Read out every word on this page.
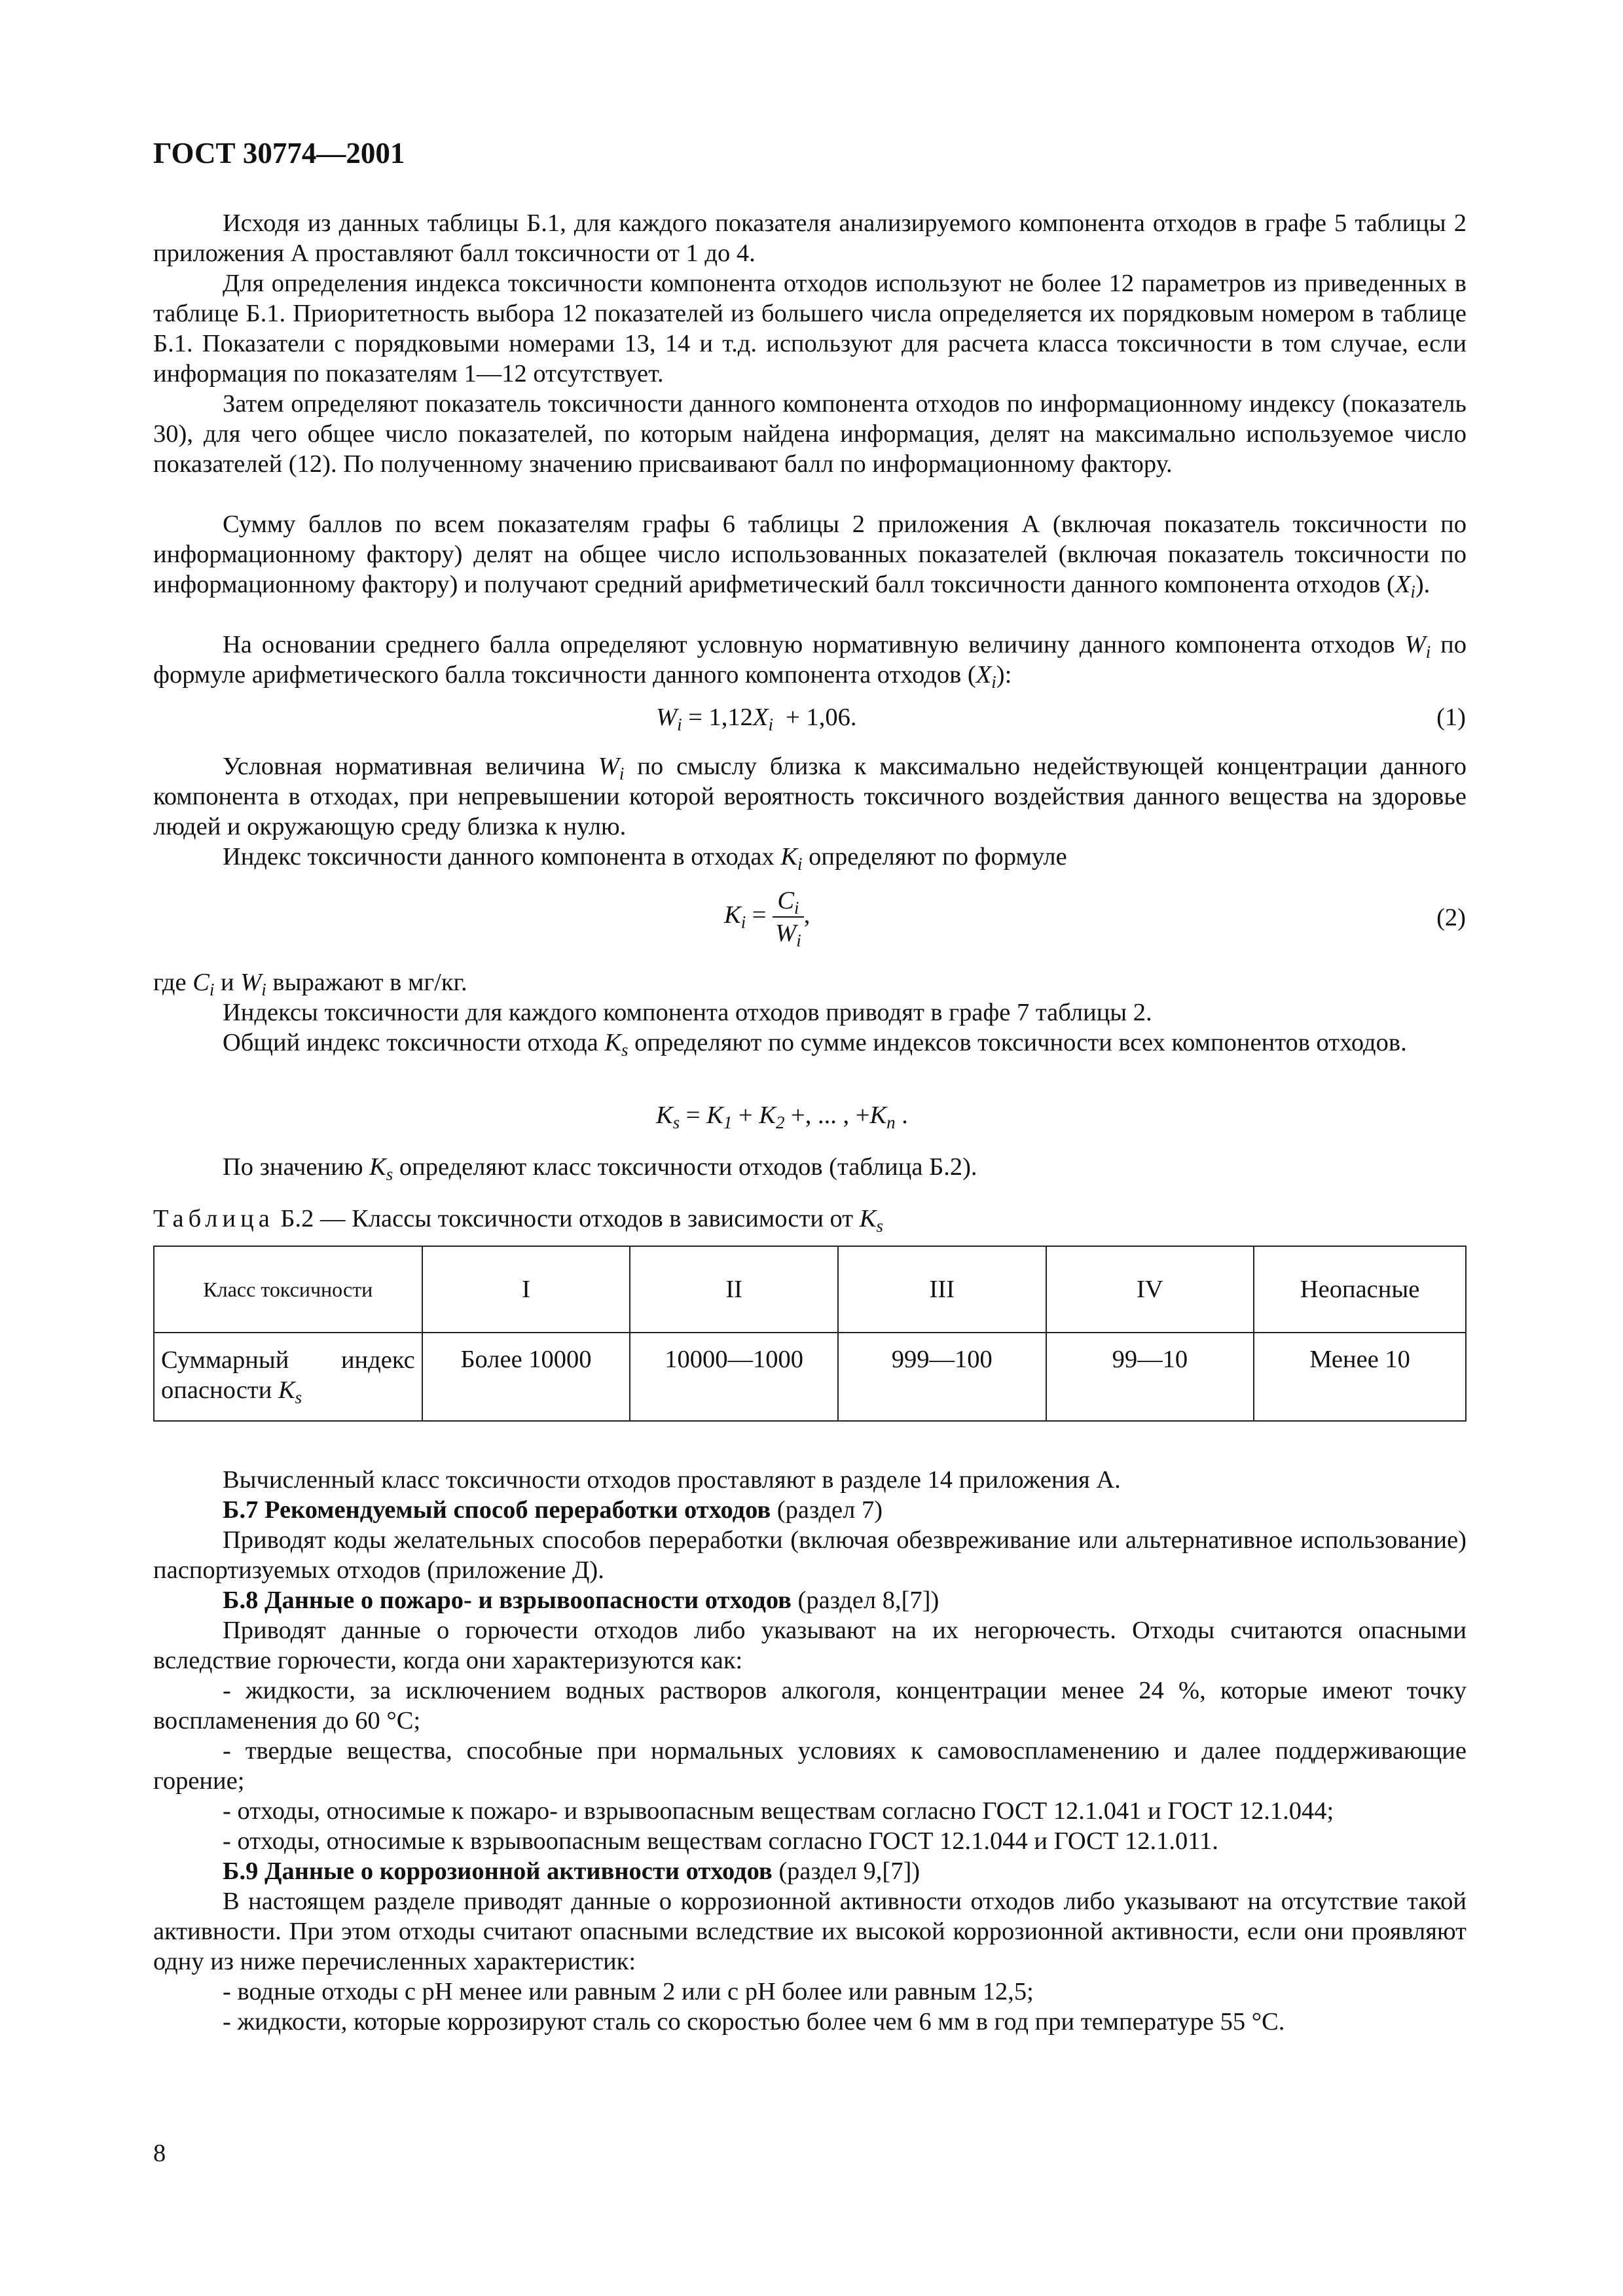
ГОСТ 30774—2001

Исходя из данных таблицы Б.1, для каждого показателя анализируемого компонента отходов в графе 5 таблицы 2 приложения А проставляют балл токсичности от 1 до 4.

Для определения индекса токсичности компонента отходов используют не более 12 параметров из приведенных в таблице Б.1. Приоритетность выбора 12 показателей из большего числа определяется их порядковым номером в таблице Б.1. Показатели с порядковыми номерами 13, 14 и т.д. используют для расчета класса токсичности в том случае, если информация по показателям 1—12 отсутствует.

Затем определяют показатель токсичности данного компонента отходов по информационному индексу (показатель 30), для чего общее число показателей, по которым найдена информация, делят на максимально используемое число показателей (12). По полученному значению присваивают балл по информационному фактору.

Сумму баллов по всем показателям графы 6 таблицы 2 приложения А (включая показатель токсичности по информационному фактору) делят на общее число использованных показателей (включая показатель токсичности по информационному фактору) и получают средний арифметический балл токсичности данного компонента отходов $(X_i)$.

На основании среднего балла определяют условную нормативную величину данного компонента отходов $W_i$ по формуле арифметического балла токсичности данного компонента отходов $(X_i)$:

$W_i = 1,12X_i + 1,06$.	(1)

Условная нормативная величина $W_i$ по смыслу близка к максимально недействующей концентрации данного компонента в отходах, при непревышении которой вероятность токсичного воздействия данного вещества на здоровье людей и окружающую среду близка к нулю.

Индекс токсичности данного компонента в отходах $K_i$ определяют по формуле

$K_i = \frac{C_i}{W_i}$ ,	(2)

где $C_i$ и $W_i$ выражают в мг/кг.

Индексы токсичности для каждого компонента отходов приводят в графе 7 таблицы 2.

Общий индекс токсичности отхода $K_s$ определяют по сумме индексов токсичности всех компонентов отходов.

$K_s = K_1 + K_2$ +, ... , $+K_n$ .

По значению $K_s$ определяют класс токсичности отходов (таблица Б.2).

Таблица Б.2 — Классы токсичности отходов в зависимости от $K_s$
Класс токсичности	I	II	III	IV	Неопасные
Суммарный индекс опасности $K_s$	Более 10000	10000—1000	999—100	99—10	Менее 10

Вычисленный класс токсичности отходов проставляют в разделе 14 приложения А.

Б.7 Рекомендуемый способ переработки отходов (раздел 7)

Приводят коды желательных способов переработки (включая обезвреживание или альтернативное использование) паспортизуемых отходов (приложение Д).

Б.8 Данные о пожаро- и взрывоопасности отходов (раздел 8,[7])

Приводят данные о горючести отходов либо указывают на их негорючесть. Отходы считаются опасными вследствие горючести, когда они характеризуются как:

- жидкости, за исключением водных растворов алкоголя, концентрации менее 24 %, которые имеют точку воспламенения до 60 °С;

- твердые вещества, способные при нормальных условиях к самовоспламенению и далее поддерживающие горение;

- отходы, относимые к пожаро- и взрывоопасным веществам согласно ГОСТ 12.1.041 и ГОСТ 12.1.044;

- отходы, относимые к взрывоопасным веществам согласно ГОСТ 12.1.044 и ГОСТ 12.1.011.

Б.9 Данные о коррозионной активности отходов (раздел 9,[7])

В настоящем разделе приводят данные о коррозионной активности отходов либо указывают на отсутствие такой активности. При этом отходы считают опасными вследствие их высокой коррозионной активности, если они проявляют одну из ниже перечисленных характеристик:

- водные отходы с рН менее или равным 2 или с рН более или равным 12,5;

- жидкости, которые коррозируют сталь со скоростью более чем 6 мм в год при температуре 55 °С.

8
